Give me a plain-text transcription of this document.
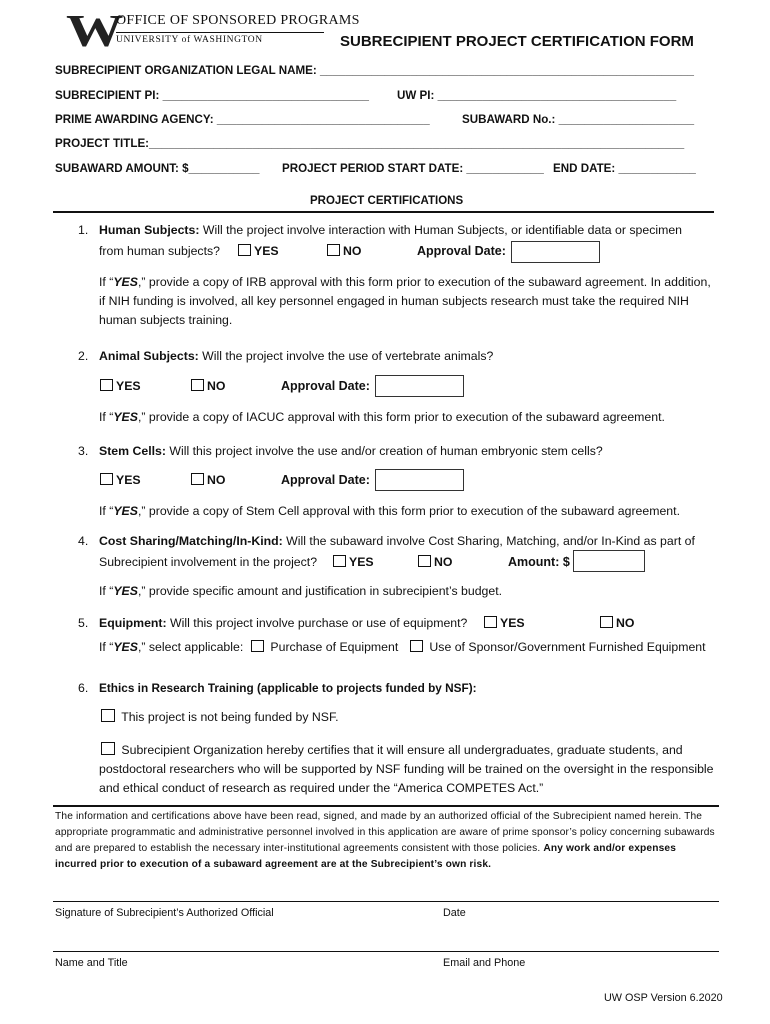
W OFFICE OF SPONSORED PROGRAMS
UNIVERSITY of WASHINGTON	SUBRECIPIENT PROJECT CERTIFICATION FORM
SUBRECIPIENT ORGANIZATION LEGAL NAME: __________________________________________________________
SUBRECIPIENT PI: ________________________________ UW PI: _____________________________________
PRIME AWARDING AGENCY: _________________________________	SUBAWARD No.: _____________________
PROJECT TITLE:___________________________________________________________________________________
SUBAWARD AMOUNT: $___________ PROJECT PERIOD START DATE: ____________ END DATE: ____________
PROJECT CERTIFICATIONS
1. Human Subjects: Will the project involve interaction with Human Subjects, or identifiable data or specimen
from human subjects?	YES	NO	Approval Date:
If “YES,” provide a copy of IRB approval with this form prior to execution of the subaward agreement. In addition, if NIH funding is involved, all key personnel engaged in human subjects research must take the required NIH human subjects training.
2. Animal Subjects: Will the project involve the use of vertebrate animals?
YES	NO	Approval Date:
If “YES,” provide a copy of IACUC approval with this form prior to execution of the subaward agreement.
3. Stem Cells: Will this project involve the use and/or creation of human embryonic stem cells?
YES	NO	Approval Date:
If “YES,” provide a copy of Stem Cell approval with this form prior to execution of the subaward agreement.
4. Cost Sharing/Matching/In-Kind: Will the subaward involve Cost Sharing, Matching, and/or In-Kind as part of
Subrecipient involvement in the project?	YES	NO	Amount: $
If “YES,” provide specific amount and justification in subrecipient’s budget.
5. Equipment: Will this project involve purchase or use of equipment?	YES	NO
If “YES,” select applicable:	Purchase of Equipment	Use of Sponsor/Government Furnished Equipment
6. Ethics in Research Training (applicable to projects funded by NSF):
This project is not being funded by NSF.
Subrecipient Organization hereby certifies that it will ensure all undergraduates, graduate students, and postdoctoral researchers who will be supported by NSF funding will be trained on the oversight in the responsible and ethical conduct of research as required under the “America COMPETES Act.”
The information and certifications above have been read, signed, and made by an authorized official of the Subrecipient named herein. The appropriate programmatic and administrative personnel involved in this application are aware of prime sponsor’s policy concerning subawards and are prepared to establish the necessary inter-institutional agreements consistent with those policies. Any work and/or expenses incurred prior to execution of a subaward agreement are at the Subrecipient’s own risk.
Signature of Subrecipient’s Authorized Official	Date
Name and Title	Email and Phone
UW OSP Version 6.2020
